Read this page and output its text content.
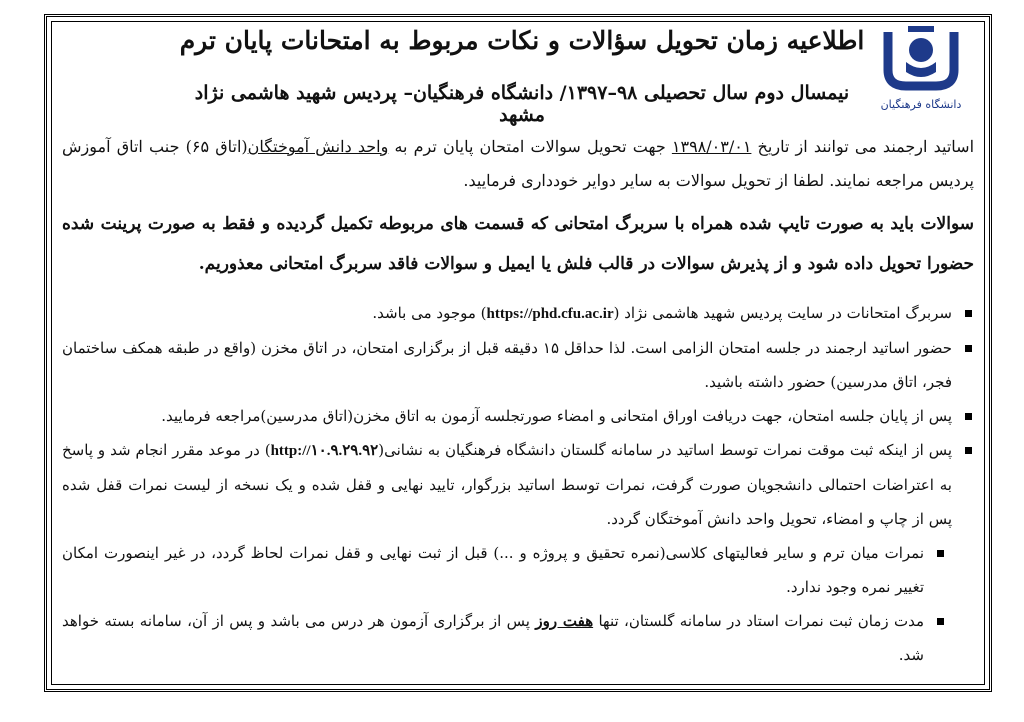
دانشگاه فرهنگیان
اطلاعیه زمان تحویل سؤالات و نکات مربوط به امتحانات پایان ترم
نیمسال دوم سال تحصیلی ۹۸–۱۳۹۷/ دانشگاه فرهنگیان– پردیس شهید هاشمی نژاد مشهد
اساتید ارجمند می توانند از تاریخ ۱۳۹۸/۰۳/۰۱ جهت تحویل سوالات امتحان پایان ترم به واحد دانش آموختگان(اتاق ۶۵) جنب اتاق آموزش پردیس مراجعه نمایند. لطفا از تحویل سوالات به سایر دوایر خودداری فرمایید.
سوالات باید به صورت تایپ شده همراه با سربرگ امتحانی که قسمت های مربوطه تکمیل گردیده و فقط به صورت پرینت شده حضورا تحویل داده شود و از پذیرش سوالات در قالب فلش یا ایمیل و سوالات فاقد سربرگ امتحانی معذوریم.
سربرگ امتحانات در سایت پردیس شهید هاشمی نژاد (https://phd.cfu.ac.ir) موجود می باشد.
حضور اساتید ارجمند در جلسه امتحان الزامی است. لذا حداقل ۱۵ دقیقه قبل از برگزاری امتحان، در اتاق مخزن (واقع در طبقه همکف ساختمان فجر، اتاق مدرسین) حضور داشته باشید.
پس از پایان جلسه امتحان، جهت دریافت اوراق امتحانی و امضاء صورتجلسه آزمون به اتاق مخزن(اتاق مدرسین)مراجعه فرمایید.
پس از اینکه ثبت موقت نمرات توسط اساتید در سامانه گلستان دانشگاه فرهنگیان به نشانی(http://۱۰.۹.۲۹.۹۲) در موعد مقرر انجام شد و پاسخ به اعتراضات احتمالی دانشجویان صورت گرفت، نمرات توسط اساتید بزرگوار، تایید نهایی و قفل شده و یک نسخه از لیست نمرات قفل شده پس از چاپ و امضاء، تحویل واحد دانش آموختگان گردد.
نمرات میان ترم و سایر فعالیتهای کلاسی(نمره تحقیق و پروژه و ...) قبل از ثبت نهایی و قفل نمرات لحاظ گردد، در غیر اینصورت امکان تغییر نمره وجود ندارد.
مدت زمان ثبت نمرات استاد در سامانه گلستان، تنها هفت روز پس از برگزاری آزمون هر درس می باشد و پس از آن، سامانه بسته خواهد شد.
